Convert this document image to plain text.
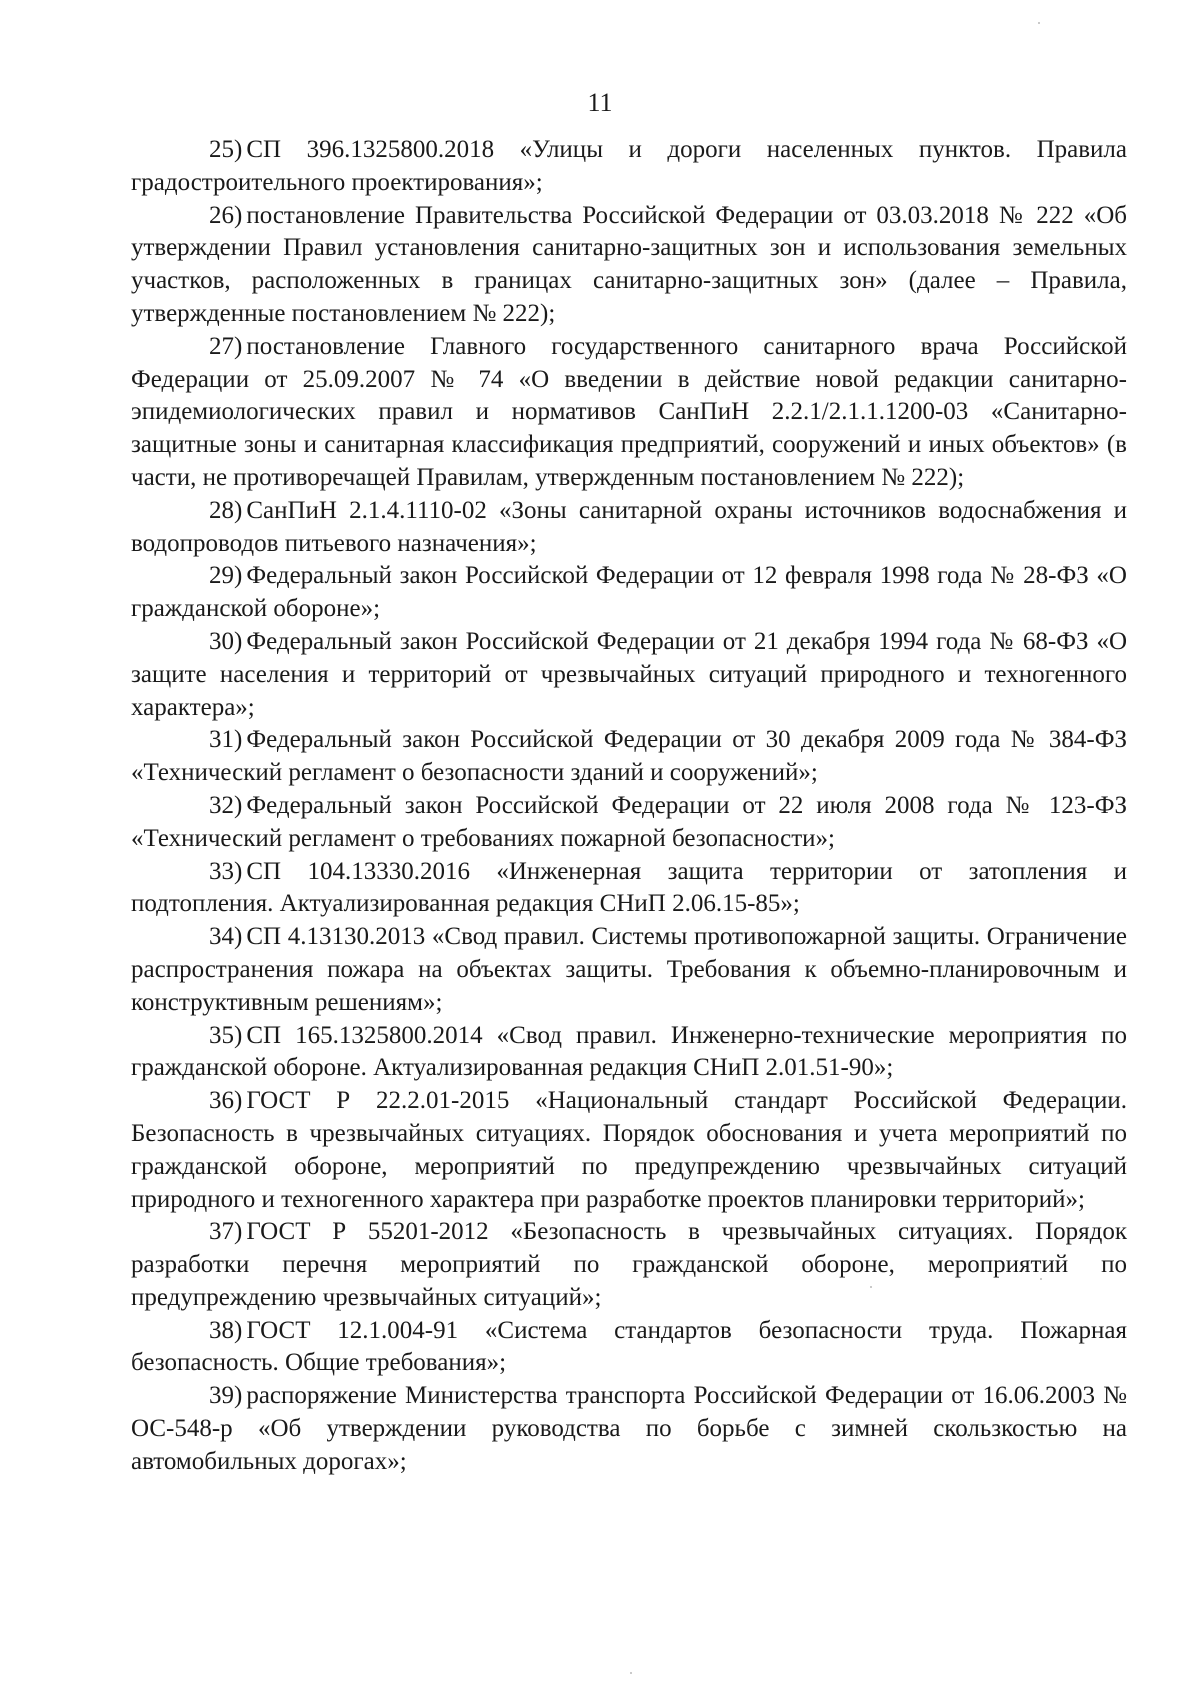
11

25) СП 396.1325800.2018 «Улицы и дороги населенных пунктов. Правила градостроительного проектирования»;

26) постановление Правительства Российской Федерации от 03.03.2018 № 222 «Об утверждении Правил установления санитарно-защитных зон и использования земельных участков, расположенных в границах санитарно-защитных зон» (далее – Правила, утвержденные постановлением № 222);

27) постановление Главного государственного санитарного врача Российской Федерации от 25.09.2007 № 74 «О введении в действие новой редакции санитарно-эпидемиологических правил и нормативов СанПиН 2.2.1/2.1.1.1200-03 «Санитарно-защитные зоны и санитарная классификация предприятий, сооружений и иных объектов» (в части, не противоречащей Правилам, утвержденным постановлением № 222);

28) СанПиН 2.1.4.1110-02 «Зоны санитарной охраны источников водоснабжения и водопроводов питьевого назначения»;

29) Федеральный закон Российской Федерации от 12 февраля 1998 года № 28-ФЗ «О гражданской обороне»;

30) Федеральный закон Российской Федерации от 21 декабря 1994 года № 68-ФЗ «О защите населения и территорий от чрезвычайных ситуаций природного и техногенного характера»;

31) Федеральный закон Российской Федерации от 30 декабря 2009 года № 384-ФЗ «Технический регламент о безопасности зданий и сооружений»;

32) Федеральный закон Российской Федерации от 22 июля 2008 года № 123-ФЗ «Технический регламент о требованиях пожарной безопасности»;

33) СП 104.13330.2016 «Инженерная защита территории от затопления и подтопления. Актуализированная редакция СНиП 2.06.15-85»;

34) СП 4.13130.2013 «Свод правил. Системы противопожарной защиты. Ограничение распространения пожара на объектах защиты. Требования к объемно-планировочным и конструктивным решениям»;

35) СП 165.1325800.2014 «Свод правил. Инженерно-технические мероприятия по гражданской обороне. Актуализированная редакция СНиП 2.01.51-90»;

36) ГОСТ Р 22.2.01-2015 «Национальный стандарт Российской Федерации. Безопасность в чрезвычайных ситуациях. Порядок обоснования и учета мероприятий по гражданской обороне, мероприятий по предупреждению чрезвычайных ситуаций природного и техногенного характера при разработке проектов планировки территорий»;

37) ГОСТ Р 55201-2012 «Безопасность в чрезвычайных ситуациях. Порядок разработки перечня мероприятий по гражданской обороне, мероприятий по предупреждению чрезвычайных ситуаций»;

38) ГОСТ 12.1.004-91 «Система стандартов безопасности труда. Пожарная безопасность. Общие требования»;

39) распоряжение Министерства транспорта Российской Федерации от 16.06.2003 № ОС-548-р «Об утверждении руководства по борьбе с зимней скользкостью на автомобильных дорогах»;
